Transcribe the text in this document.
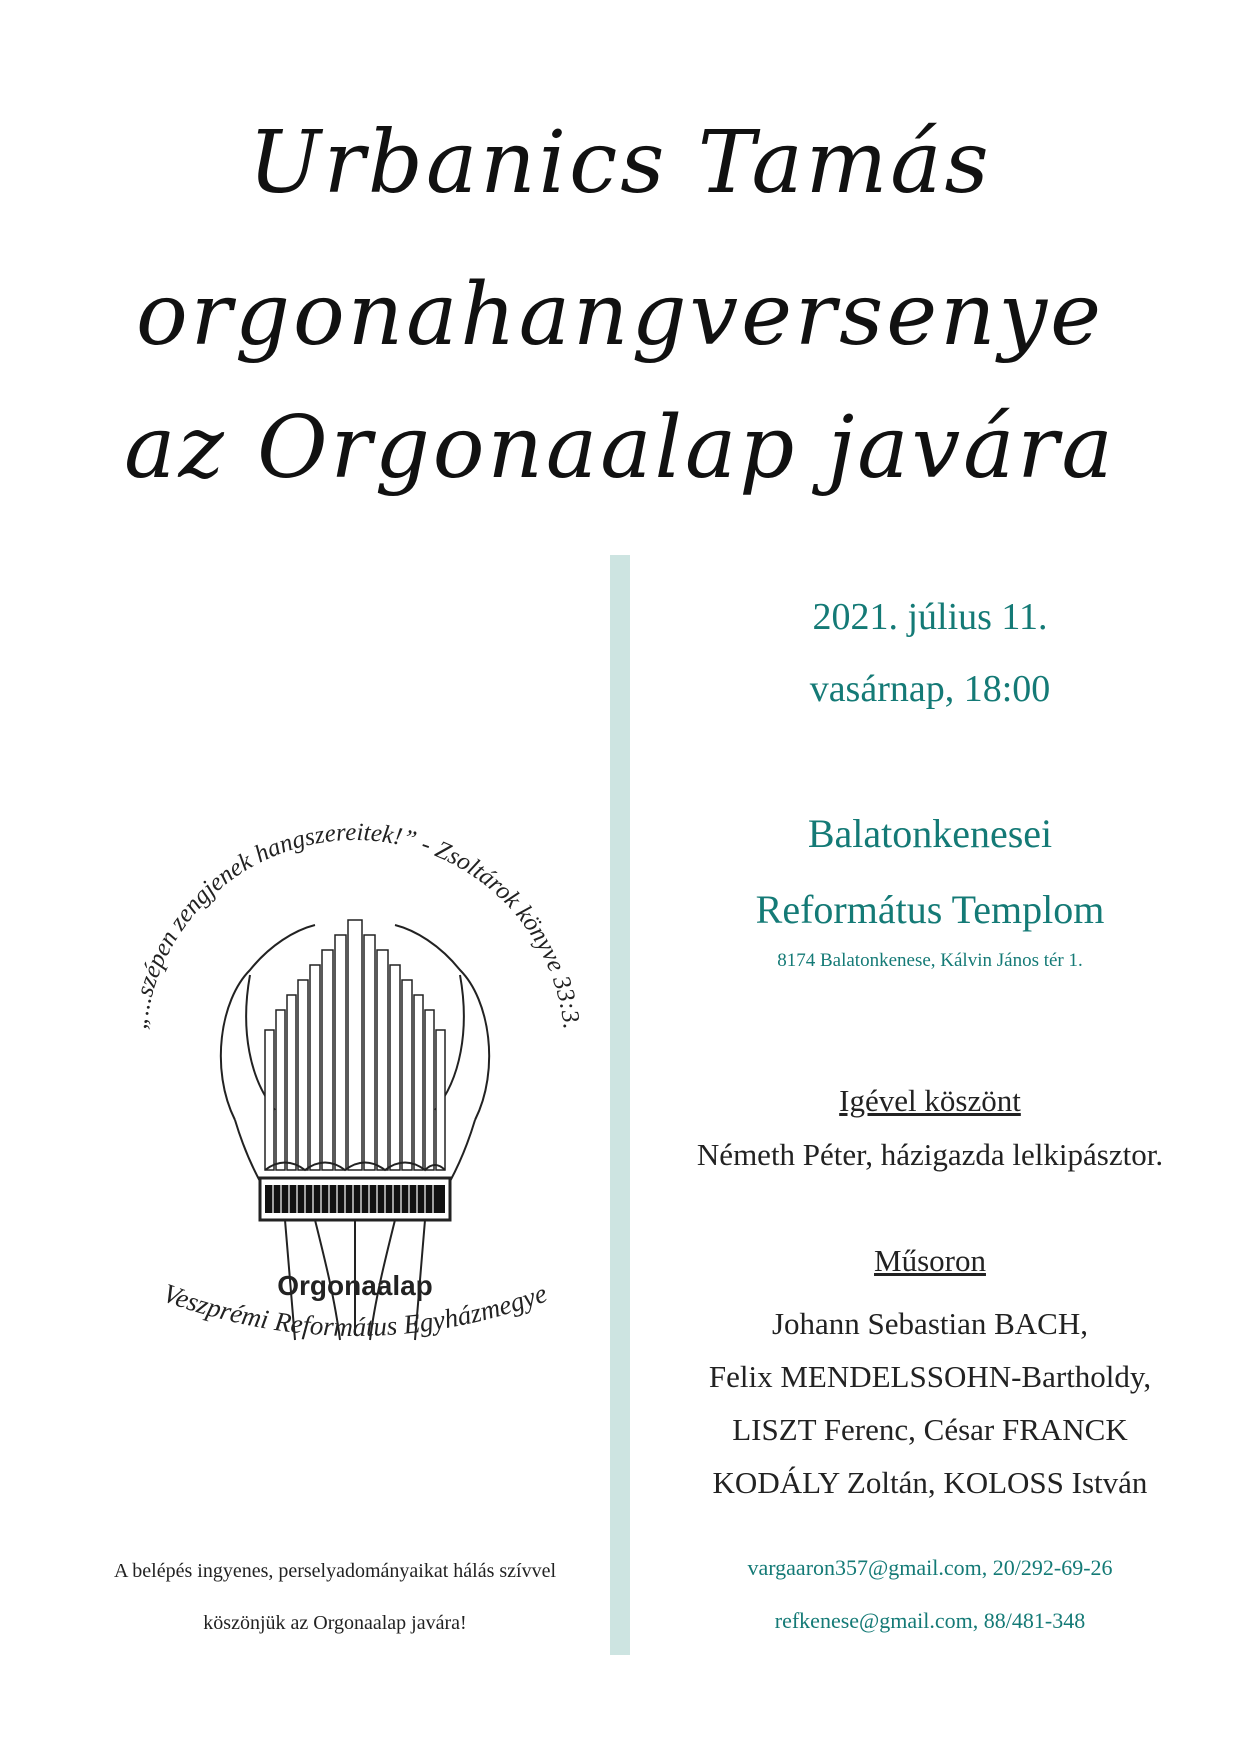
Urbanics Tamás
orgonahangversenye
az Orgonaalap javára
„...szépen zengjenek hangszereitek!” - Zsoltárok könyve 33:3.
Orgonaalap
Veszprémi Református Egyházmegye
2021. július 11.
vasárnap, 18:00
Balatonkenesei
Református Templom
8174 Balatonkenese, Kálvin János tér 1.
Igével köszönt
Németh Péter, házigazda lelkipásztor.
Műsoron
Johann Sebastian BACH,
Felix MENDELSSOHN-Bartholdy,
LISZT Ferenc, César FRANCK
KODÁLY Zoltán, KOLOSS István
vargaaron357@gmail.com, 20/292-69-26
refkenese@gmail.com, 88/481-348
A belépés ingyenes, perselyadományaikat hálás szívvel
köszönjük az Orgonaalap javára!
